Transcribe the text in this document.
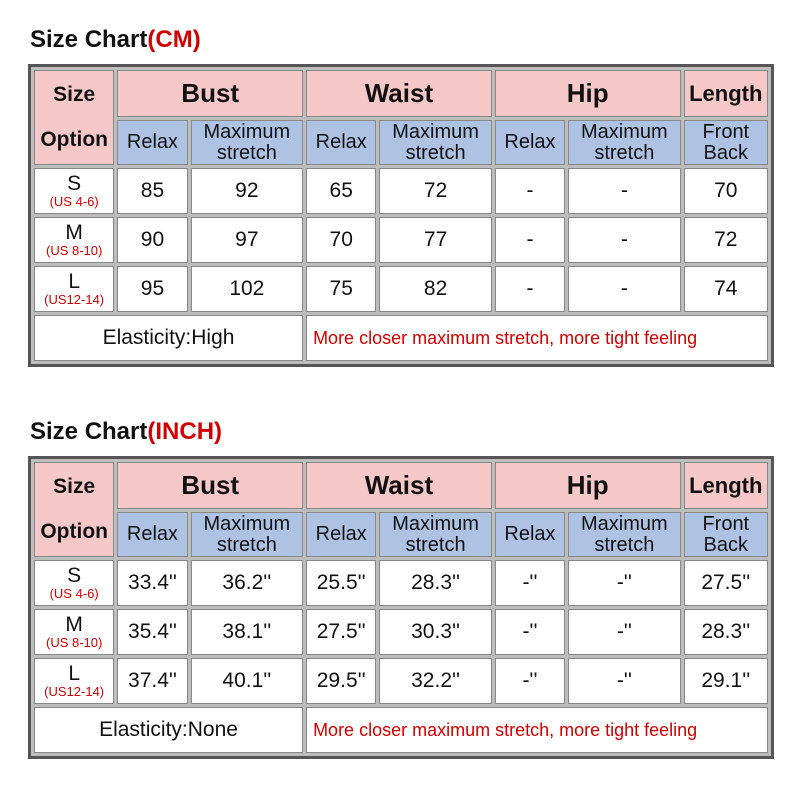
Size Chart(CM)
Size
Option	Bust		Waist		Hip		Length
	Relax	Maximum stretch	Relax	Maximum stretch	Relax	Maximum stretch	Front Back

S
(US 4-6)	85	92	65	72	-	-	70

M
(US 8-10)	90	97	70	77	-	-	72

L
(US12-14)	95	102	75	82	-	-	74
Elasticity:High			More closer maximum stretch, more tight feeling				
Size Chart(INCH)
Size
Option	Bust		Waist		Hip		Length
	Relax	Maximum stretch	Relax	Maximum stretch	Relax	Maximum stretch	Front Back

S
(US 4-6)	33.4''	36.2''	25.5''	28.3''	-''	-''	27.5''

M
(US 8-10)	35.4''	38.1''	27.5''	30.3''	-''	-''	28.3''

L
(US12-14)	37.4''	40.1''	29.5''	32.2''	-''	-''	29.1''
Elasticity:None			More closer maximum stretch, more tight feeling				
